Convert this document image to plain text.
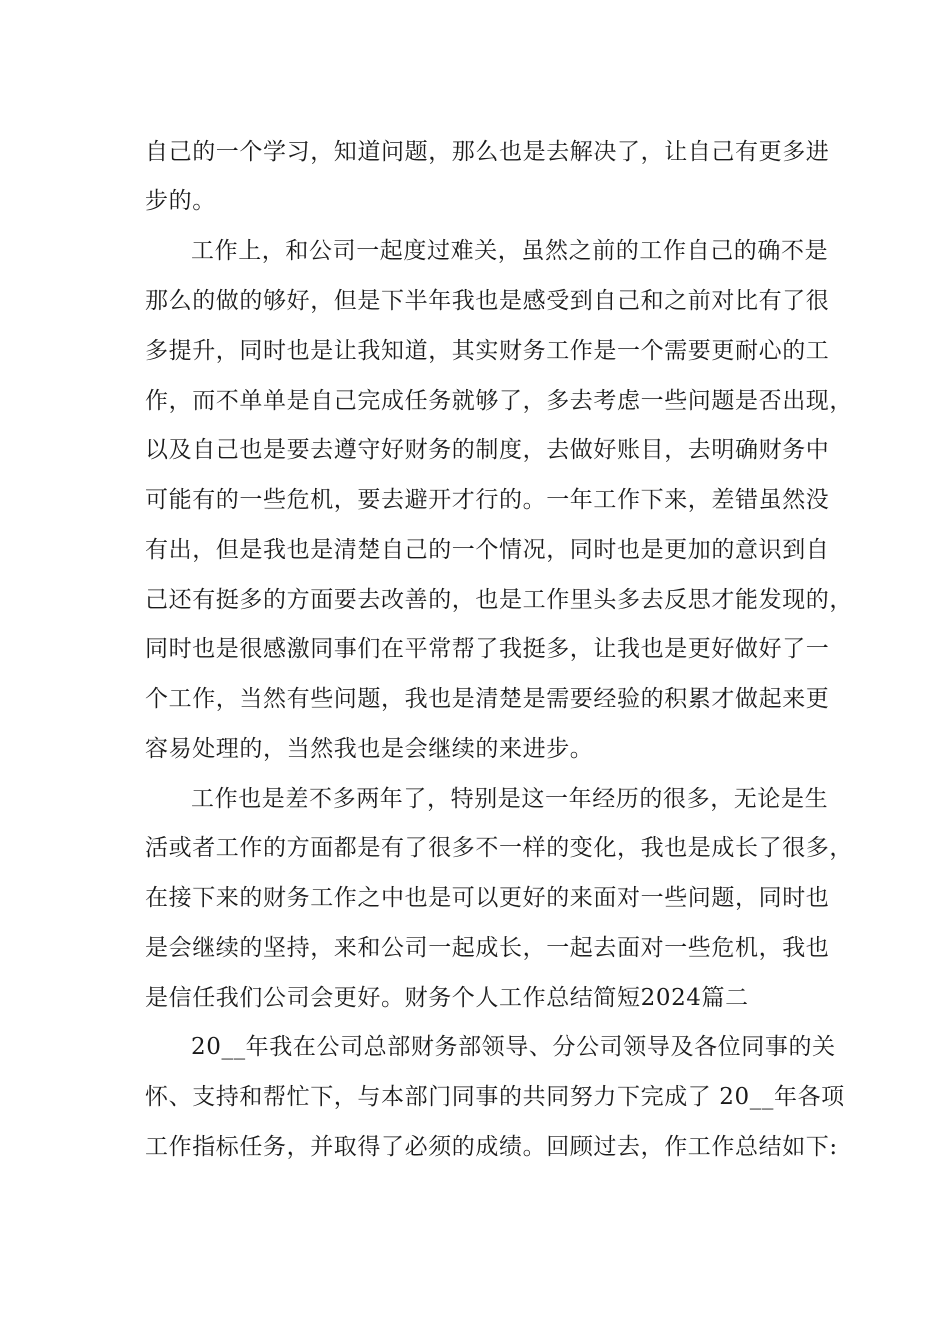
自己的一个学习，知道问题，那么也是去解决了，让自己有更多进
步的。
工作上，和公司一起度过难关，虽然之前的工作自己的确不是
那么的做的够好，但是下半年我也是感受到自己和之前对比有了很
多提升，同时也是让我知道，其实财务工作是一个需要更耐心的工
作，而不单单是自己完成任务就够了，多去考虑一些问题是否出现，
以及自己也是要去遵守好财务的制度，去做好账目，去明确财务中
可能有的一些危机，要去避开才行的。一年工作下来，差错虽然没
有出，但是我也是清楚自己的一个情况，同时也是更加的意识到自
己还有挺多的方面要去改善的，也是工作里头多去反思才能发现的，
同时也是很感激同事们在平常帮了我挺多，让我也是更好做好了一
个工作，当然有些问题，我也是清楚是需要经验的积累才做起来更
容易处理的，当然我也是会继续的来进步。
工作也是差不多两年了，特别是这一年经历的很多，无论是生
活或者工作的方面都是有了很多不一样的变化，我也是成长了很多，
在接下来的财务工作之中也是可以更好的来面对一些问题，同时也
是会继续的坚持，来和公司一起成长，一起去面对一些危机，我也
是信任我们公司会更好。财务个人工作总结简短2024篇二
20__年我在公司总部财务部领导、分公司领导及各位同事的关
怀、支持和帮忙下，与本部门同事的共同努力下完成了 20__年各项
工作指标任务，并取得了必须的成绩。回顾过去，作工作总结如下:
